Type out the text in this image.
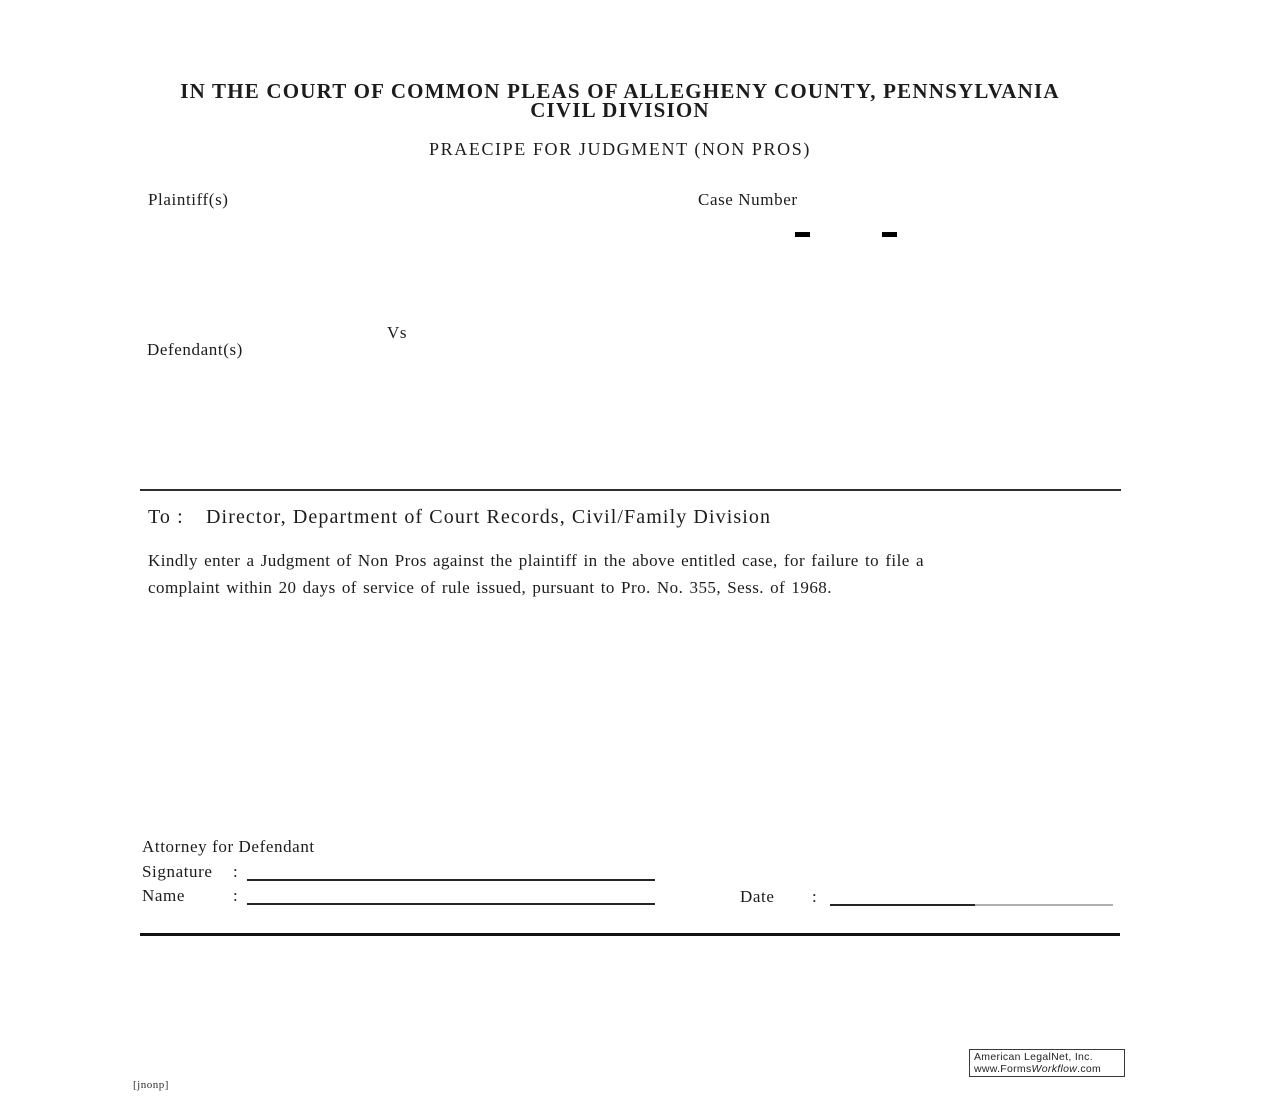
IN THE COURT OF COMMON PLEAS OF ALLEGHENY COUNTY, PENNSYLVANIA
CIVIL DIVISION
PRAECIPE FOR JUDGMENT (NON PROS)
Plaintiff(s)	Case Number
Vs
Defendant(s)
To : Director, Department of Court Records, Civil/Family Division
Kindly enter a Judgment of Non Pros against the plaintiff in the above entitled case, for failure to file a
complaint within 20 days of service of rule issued, pursuant to Pro. No. 355, Sess. of 1968.
Attorney for Defendant
Signature :
Name	:	Date :
American LegalNet, Inc.
www.FormsWorkflow.com
[jnonp]
